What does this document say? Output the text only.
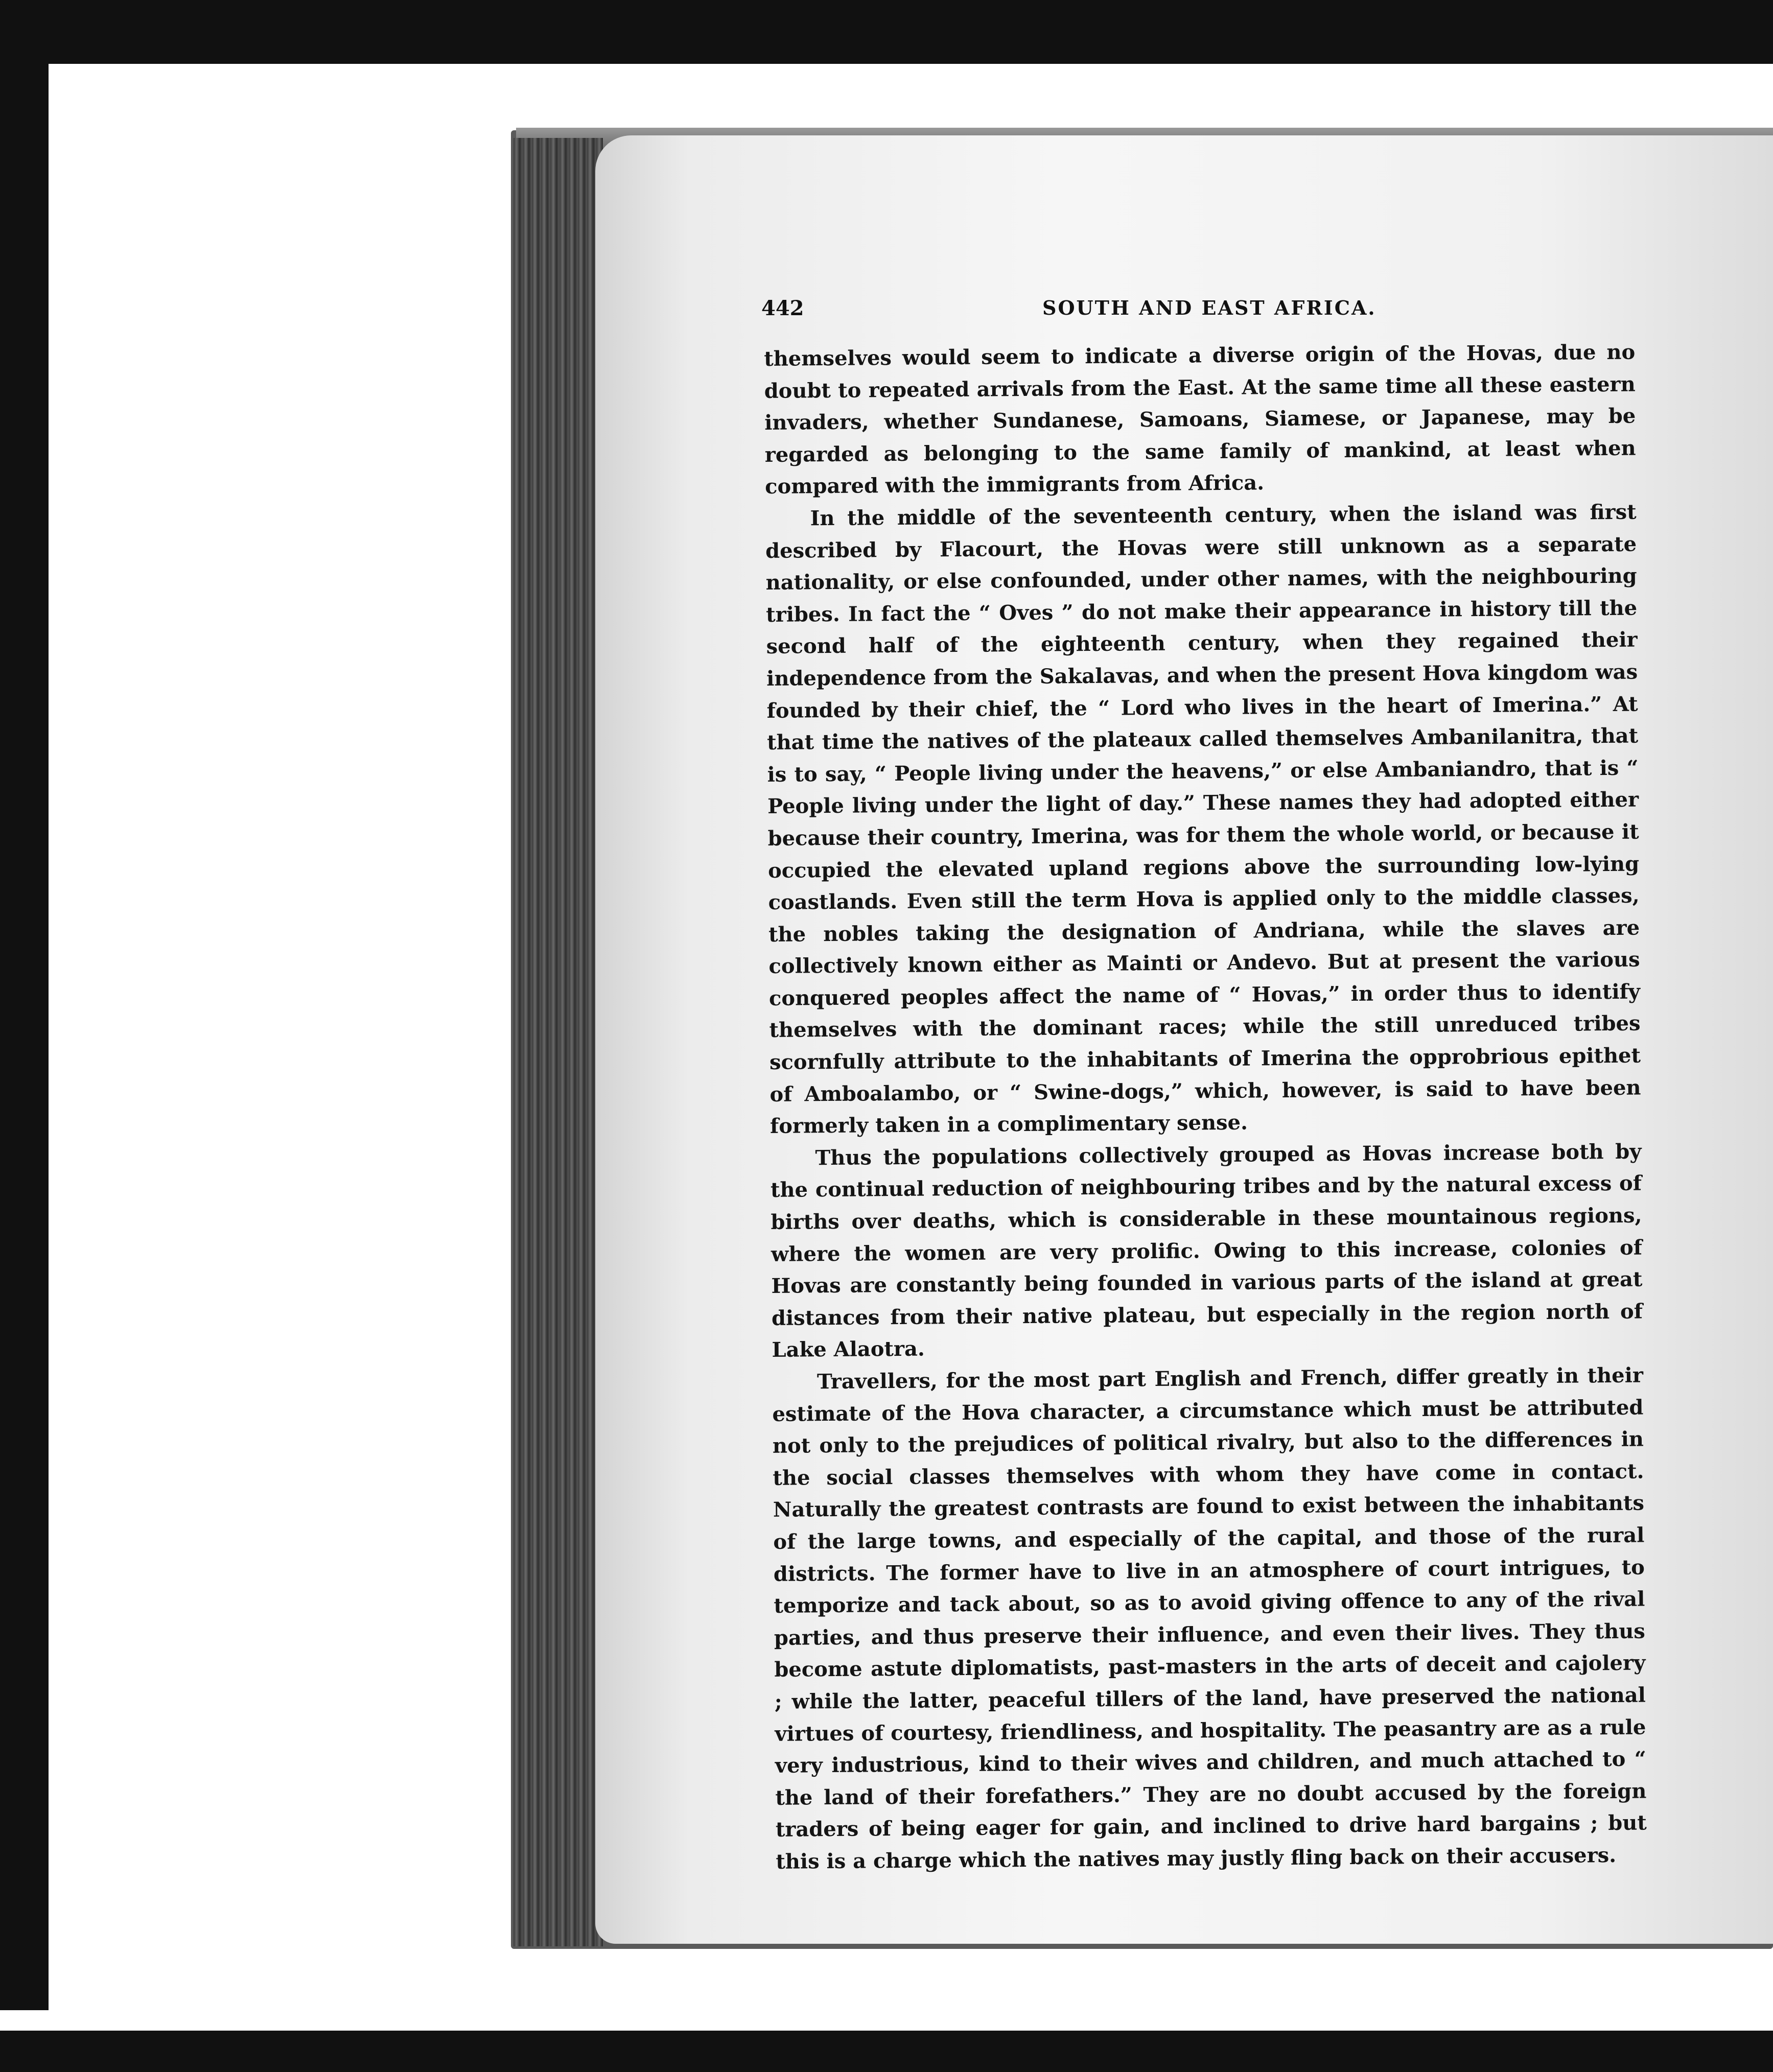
442	SOUTH AND EAST AFRICA.

themselves would seem to indicate a diverse origin of the Hovas, due no doubt to repeated arrivals from the East. At the same time all these eastern invaders, whether Sundanese, Samoans, Siamese, or Japanese, may be regarded as belonging to the same family of mankind, at least when compared with the immigrants from Africa.

In the middle of the seventeenth century, when the island was first described by Flacourt, the Hovas were still unknown as a separate nationality, or else confounded, under other names, with the neighbouring tribes. In fact the “ Oves ” do not make their appearance in history till the second half of the eighteenth century, when they regained their independence from the Sakalavas, and when the present Hova kingdom was founded by their chief, the “ Lord who lives in the heart of Imerina.” At that time the natives of the plateaux called themselves Ambanilanitra, that is to say, “ People living under the heavens,” or else Ambaniandro, that is “ People living under the light of day.” These names they had adopted either because their country, Imerina, was for them the whole world, or because it occupied the elevated upland regions above the surrounding low-lying coastlands. Even still the term Hova is applied only to the middle classes, the nobles taking the designation of Andriana, while the slaves are collectively known either as Mainti or Andevo. But at present the various conquered peoples affect the name of “ Hovas,” in order thus to identify themselves with the dominant races; while the still unreduced tribes scornfully attribute to the inhabitants of Imerina the opprobrious epithet of Amboalambo, or “ Swine-dogs,” which, however, is said to have been formerly taken in a complimentary sense.

Thus the populations collectively grouped as Hovas increase both by the continual reduction of neighbouring tribes and by the natural excess of births over deaths, which is considerable in these mountainous regions, where the women are very prolific. Owing to this increase, colonies of Hovas are constantly being founded in various parts of the island at great distances from their native plateau, but especially in the region north of Lake Alaotra.

Travellers, for the most part English and French, differ greatly in their estimate of the Hova character, a circumstance which must be attributed not only to the prejudices of political rivalry, but also to the differences in the social classes themselves with whom they have come in contact. Naturally the greatest contrasts are found to exist between the inhabitants of the large towns, and especially of the capital, and those of the rural districts. The former have to live in an atmosphere of court intrigues, to temporize and tack about, so as to avoid giving offence to any of the rival parties, and thus preserve their influence, and even their lives. They thus become astute diplomatists, past-masters in the arts of deceit and cajolery ; while the latter, peaceful tillers of the land, have preserved the national virtues of courtesy, friendliness, and hospitality. The peasantry are as a rule very industrious, kind to their wives and children, and much attached to “ the land of their forefathers.” They are no doubt accused by the foreign traders of being eager for gain, and inclined to drive hard bargains ; but this is a charge which the natives may justly fling back on their accusers.
